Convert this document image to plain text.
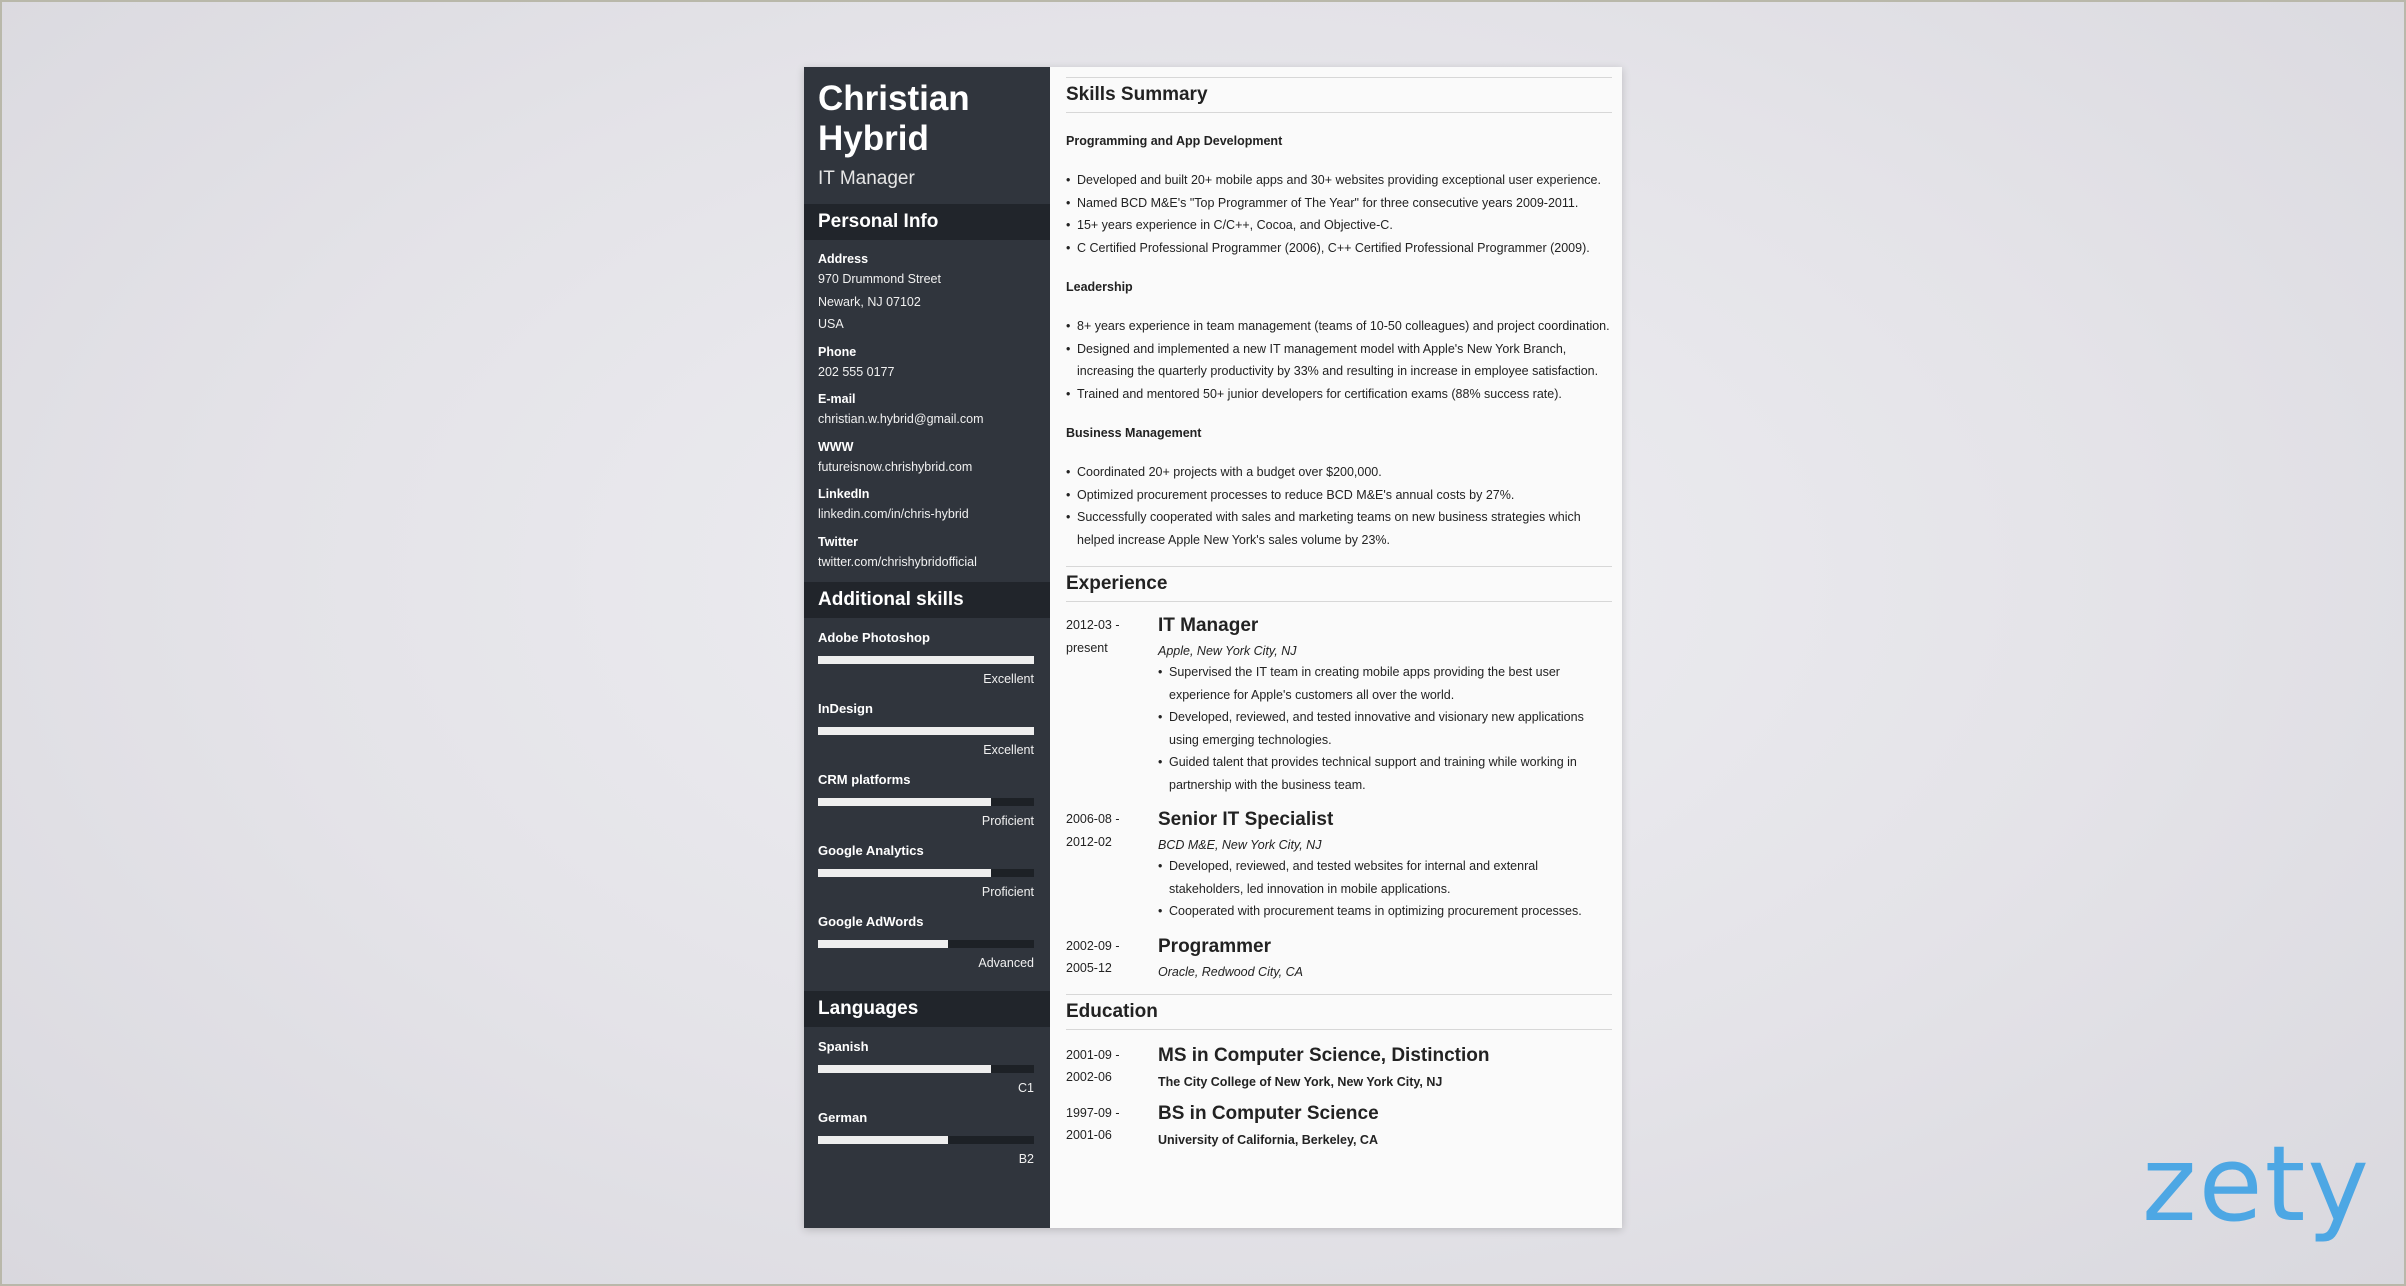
Christian
Hybrid
IT Manager
Personal Info
Address
970 Drummond Street
Newark, NJ 07102
USA
Phone
202 555 0177
E-mail
christian.w.hybrid@gmail.com
WWW
futureisnow.chrishybrid.com
LinkedIn
linkedin.com/in/chris-hybrid
Twitter
twitter.com/chrishybridofficial
Additional skills
Adobe Photoshop
Excellent
InDesign
Excellent
CRM platforms
Proficient
Google Analytics
Proficient
Google AdWords
Advanced
Languages
Spanish
C1
German
B2
Skills Summary
Programming and App Development
• Developed and built 20+ mobile apps and 30+ websites providing exceptional user experience.
• Named BCD M&E's "Top Programmer of The Year" for three consecutive years 2009-2011.
• 15+ years experience in C/C++, Cocoa, and Objective-C.
• C Certified Professional Programmer (2006), C++ Certified Professional Programmer (2009).
Leadership
• 8+ years experience in team management (teams of 10-50 colleagues) and project coordination.
• Designed and implemented a new IT management model with Apple's New York Branch, increasing the quarterly productivity by 33% and resulting in increase in employee satisfaction.
• Trained and mentored 50+ junior developers for certification exams (88% success rate).
Business Management
• Coordinated 20+ projects with a budget over $200,000.
• Optimized procurement processes to reduce BCD M&E's annual costs by 27%.
• Successfully cooperated with sales and marketing teams on new business strategies which helped increase Apple New York's sales volume by 23%.
Experience
2012-03 -
present
IT Manager
Apple, New York City, NJ
• Supervised the IT team in creating mobile apps providing the best user experience for Apple's customers all over the world.
• Developed, reviewed, and tested innovative and visionary new applications using emerging technologies.
• Guided talent that provides technical support and training while working in partnership with the business team.
2006-08 -
2012-02
Senior IT Specialist
BCD M&E, New York City, NJ
• Developed, reviewed, and tested websites for internal and extenral stakeholders, led innovation in mobile applications.
• Cooperated with procurement teams in optimizing procurement processes.
2002-09 -
2005-12
Programmer
Oracle, Redwood City, CA
Education
2001-09 -
2002-06
MS in Computer Science, Distinction
The City College of New York, New York City, NJ
1997-09 -
2001-06
BS in Computer Science
University of California, Berkeley, CA	zety
